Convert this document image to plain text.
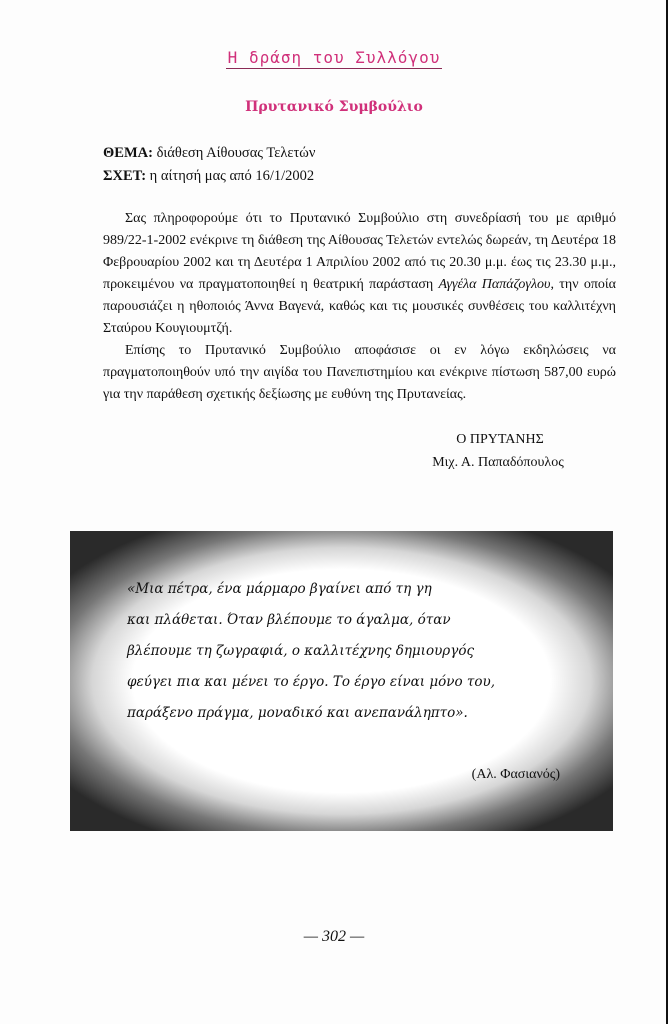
Η δράση του Συλλόγου
Πρυτανικό Συμβούλιο
ΘΕΜΑ: διάθεση Αίθουσας Τελετών
ΣΧΕΤ: η αίτησή μας από 16/1/2002

Σας πληροφορούμε ότι το Πρυτανικό Συμβούλιο στη συνεδρίασή του με αριθμό 989/22-1-2002 ενέκρινε τη διάθεση της Αίθουσας Τελετών εντελώς δωρεάν, τη Δευτέρα 18 Φεβρουαρίου 2002 και τη Δευτέρα 1 Απριλίου 2002 από τις 20.30 μ.μ. έως τις 23.30 μ.μ., προκειμένου να πραγματοποιηθεί η θεατρική παράσταση Αγγέλα Παπάζογλου, την οποία παρουσιάζει η ηθοποιός Άννα Βαγενά, καθώς και τις μουσικές συνθέσεις του καλλιτέχνη Σταύρου Κουγιουμτζή.

Επίσης το Πρυτανικό Συμβούλιο αποφάσισε οι εν λόγω εκδηλώσεις να πραγματοποιηθούν υπό την αιγίδα του Πανεπιστημίου και ενέκρινε πίστωση 587,00 ευρώ για την παράθεση σχετικής δεξίωσης με ευθύνη της Πρυτανείας.

Ο ΠΡΥΤΑΝΗΣ
Μιχ. Α. Παπαδόπουλος
«Μια πέτρα, ένα μάρμαρο βγαίνει από τη γη
και πλάθεται. Όταν βλέπουμε το άγαλμα, όταν
βλέπουμε τη ζωγραφιά, ο καλλιτέχνης δημιουργός
φεύγει πια και μένει το έργο. Το έργο είναι μόνο του,
παράξενο πράγμα, μοναδικό και ανεπανάληπτο».
(Αλ. Φασιανός)
— 302 —
